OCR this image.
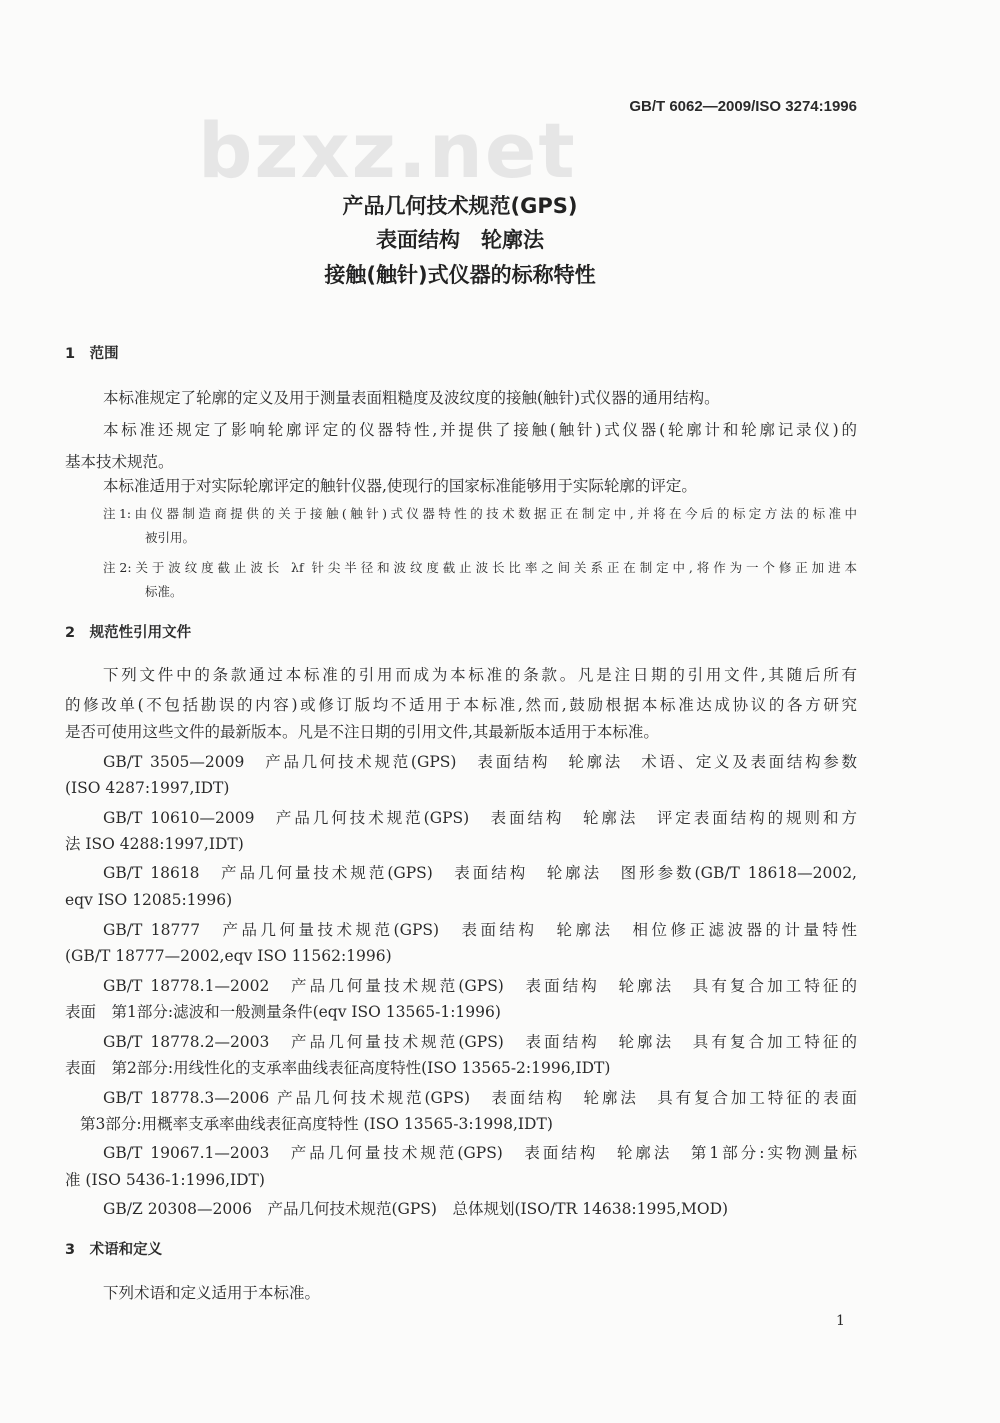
GB/T 6062—2009/ISO 3274:1996
bzxz.net
产品几何技术规范(GPS)
表面结构　轮廓法
接触(触针)式仪器的标称特性
1　范围
本标准规定了轮廓的定义及用于测量表面粗糙度及波纹度的接触(触针)式仪器的通用结构。
本标准还规定了影响轮廓评定的仪器特性,并提供了接触(触针)式仪器(轮廓计和轮廓记录仪)的
基本技术规范。
本标准适用于对实际轮廓评定的触针仪器,使现行的国家标准能够用于实际轮廓的评定。
注1:由仪器制造商提供的关于接触(触针)式仪器特性的技术数据正在制定中,并将在今后的标定方法的标准中
被引用。
注2:关于波纹度截止波长 λf 针尖半径和波纹度截止波长比率之间关系正在制定中,将作为一个修正加进本
标准。
2　规范性引用文件
下列文件中的条款通过本标准的引用而成为本标准的条款。凡是注日期的引用文件,其随后所有
的修改单(不包括勘误的内容)或修订版均不适用于本标准,然而,鼓励根据本标准达成协议的各方研究
是否可使用这些文件的最新版本。凡是不注日期的引用文件,其最新版本适用于本标准。
GB/T 3505—2009　产品几何技术规范(GPS)　表面结构　轮廓法　术语、定义及表面结构参数
(ISO 4287:1997,IDT)
GB/T 10610—2009　产品几何技术规范(GPS)　表面结构　轮廓法　评定表面结构的规则和方
法 ISO 4288:1997,IDT)
GB/T 18618　产品几何量技术规范(GPS)　表面结构　轮廓法　图形参数(GB/T 18618—2002,
eqv ISO 12085:1996)
GB/T 18777　产品几何量技术规范(GPS)　表面结构　轮廓法　相位修正滤波器的计量特性
(GB/T 18777—2002,eqv ISO 11562:1996)
GB/T 18778.1—2002　产品几何量技术规范(GPS)　表面结构　轮廓法　具有复合加工特征的
表面　第1部分:滤波和一般测量条件(eqv ISO 13565-1:1996)
GB/T 18778.2—2003　产品几何量技术规范(GPS)　表面结构　轮廓法　具有复合加工特征的
表面　第2部分:用线性化的支承率曲线表征高度特性(ISO 13565-2:1996,IDT)
GB/T 18778.3—2006 产品几何技术规范(GPS)　表面结构　轮廓法　具有复合加工特征的表面
第3部分:用概率支承率曲线表征高度特性 (ISO 13565-3:1998,IDT)
GB/T 19067.1—2003　产品几何量技术规范(GPS)　表面结构　轮廓法　第1部分:实物测量标
准 (ISO 5436-1:1996,IDT)
GB/Z 20308—2006　产品几何技术规范(GPS)　总体规划(ISO/TR 14638:1995,MOD)
3　术语和定义
下列术语和定义适用于本标准。
1
